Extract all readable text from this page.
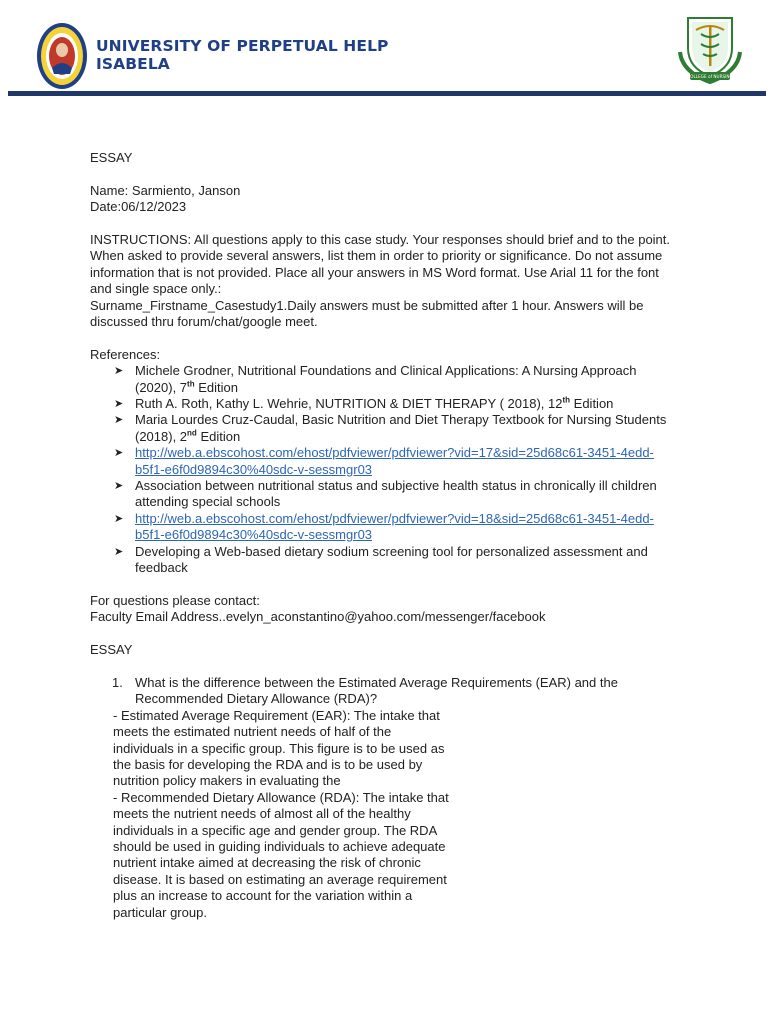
UNIVERSITY OF PERPETUAL HELP
ISABELA
COLLEGE of NURSING

ESSAY

Name: Sarmiento, Janson

Date:06/12/2023

INSTRUCTIONS: All questions apply to this case study. Your responses should brief and to the point. When asked to provide several answers, list them in order to priority or significance. Do not assume information that is not provided. Place all your answers in MS Word format. Use Arial 11 for the font and single space only.:

Surname_Firstname_Casestudy1.Daily answers must be submitted after 1 hour. Answers will be discussed thru forum/chat/google meet.

References:

➤ Michele Grodner, Nutritional Foundations and Clinical Applications: A Nursing Approach (2020), 7th Edition
➤ Ruth A. Roth, Kathy L. Wehrie, NUTRITION & DIET THERAPY ( 2018), 12th Edition
➤ Maria Lourdes Cruz-Caudal, Basic Nutrition and Diet Therapy Textbook for Nursing Students (2018), 2nd Edition
➤ http://web.a.ebscohost.com/ehost/pdfviewer/pdfviewer?vid=17&sid=25d68c61-3451-4edd-b5f1-e6f0d9894c30%40sdc-v-sessmgr03
➤ Association between nutritional status and subjective health status in chronically ill children attending special schools
➤ http://web.a.ebscohost.com/ehost/pdfviewer/pdfviewer?vid=18&sid=25d68c61-3451-4edd-b5f1-e6f0d9894c30%40sdc-v-sessmgr03
➤ Developing a Web-based dietary sodium screening tool for personalized assessment and feedback

For questions please contact:

Faculty Email Address..evelyn_aconstantino@yahoo.com/messenger/facebook

ESSAY

1. What is the difference between the Estimated Average Requirements (EAR) and the Recommended Dietary Allowance (RDA)?

- Estimated Average Requirement (EAR): The intake that meets the estimated nutrient needs of half of the individuals in a specific group. This figure is to be used as the basis for developing the RDA and is to be used by nutrition policy makers in evaluating the

- Recommended Dietary Allowance (RDA): The intake that meets the nutrient needs of almost all of the healthy individuals in a specific age and gender group. The RDA should be used in guiding individuals to achieve adequate nutrient intake aimed at decreasing the risk of chronic disease. It is based on estimating an average requirement plus an increase to account for the variation within a particular group.
